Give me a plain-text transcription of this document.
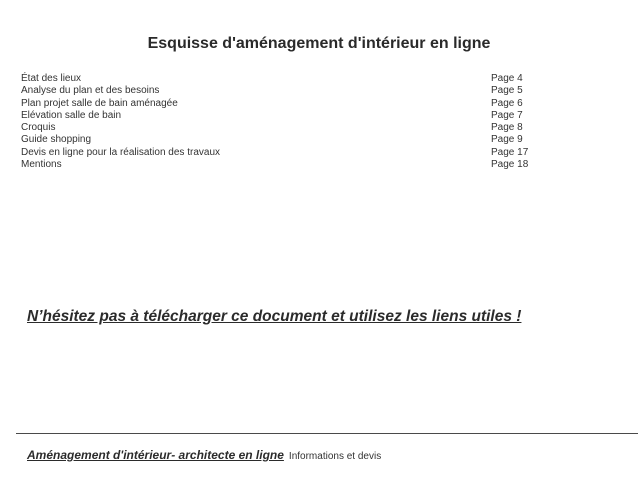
Esquisse d'aménagement d'intérieur en ligne
État des lieux	Page 4
Analyse du plan et des besoins	Page 5
Plan projet salle de bain aménagée	Page 6
Elévation salle de bain	Page 7
Croquis	Page 8
Guide shopping	Page 9
Devis en ligne pour la réalisation des travaux	Page 17
Mentions	Page 18

N’hésitez pas à télécharger ce document et utilisez les liens utiles !

Aménagement d'intérieur- architecte en ligne Informations et devis
